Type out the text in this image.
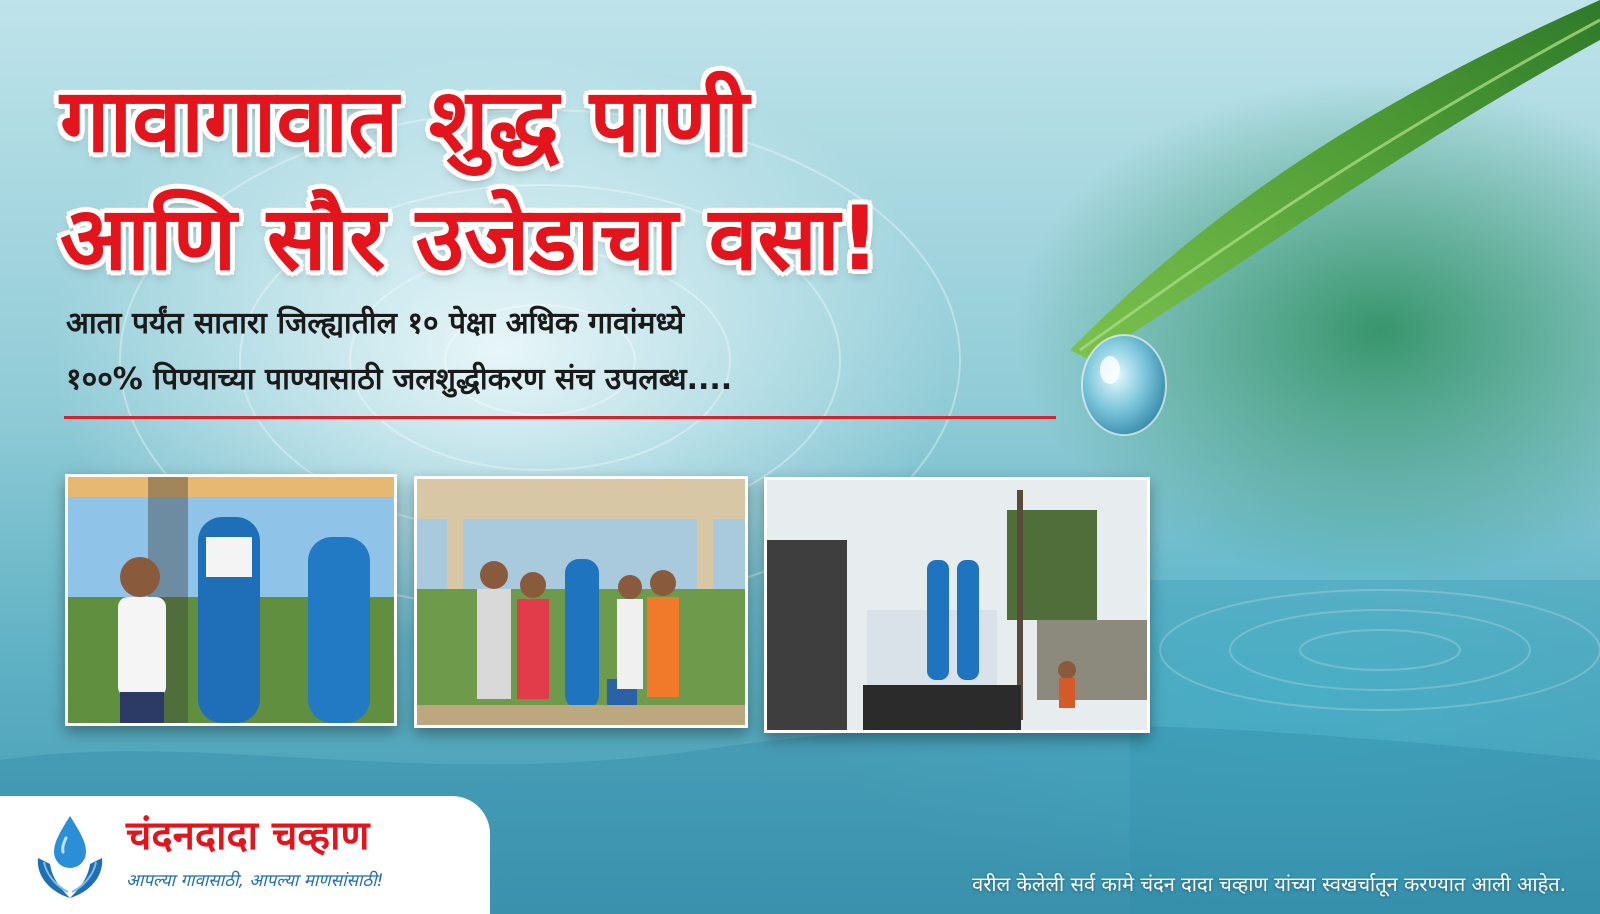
गावागावात शुद्ध पाणी
आणि सौर उजेडाचा वसा!
आता पर्यंत सातारा जिल्ह्यातील १० पेक्षा अधिक गावांमध्ये
१००% पिण्याच्या पाण्यासाठी जलशुद्धीकरण संच उपलब्ध....
चंदनदादा चव्हाण
आपल्या गावासाठी, आपल्या माणसांसाठी!	वरील केलेली सर्व कामे चंदन दादा चव्हाण यांच्या स्वखर्चातून करण्यात आली आहेत.
